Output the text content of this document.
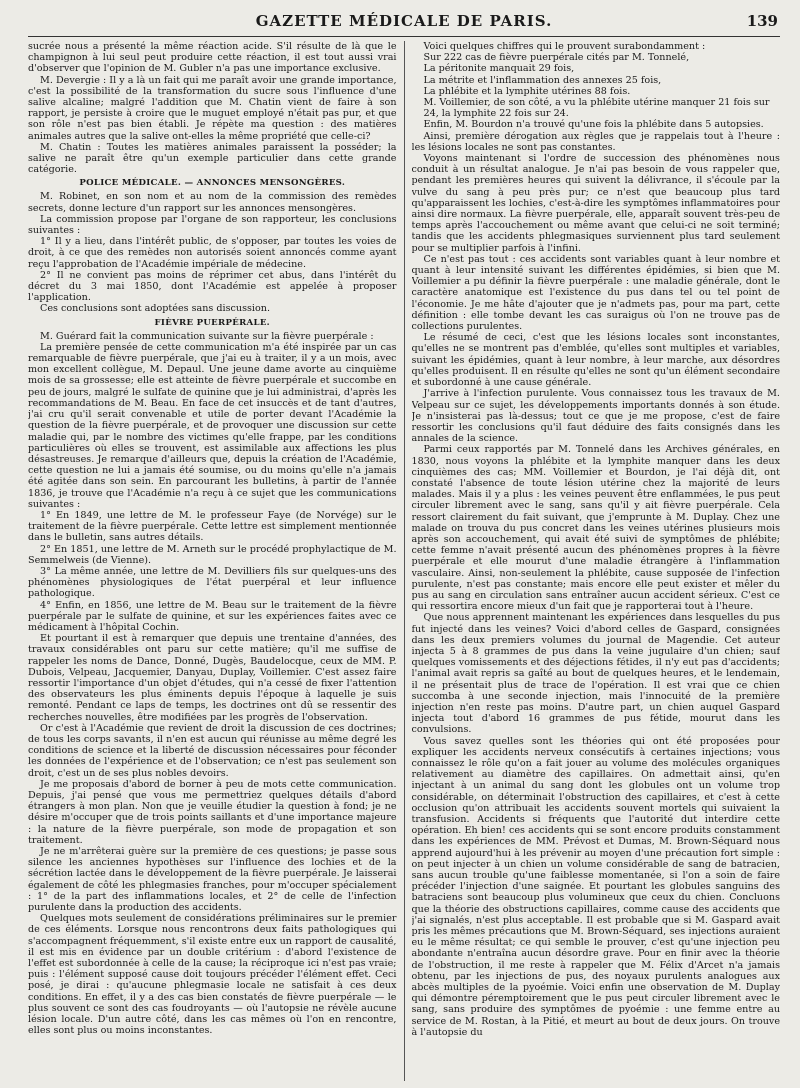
GAZETTE MÉDICALE DE PARIS.	139

sucrée nous a présenté la même réaction acide. S'il résulte de là que le champignon à lui seul peut produire cette réaction, il est tout aussi vrai d'observer que l'opinion de M. Gubler n'a pas une importance exclusive.

M. Devergie : Il y a là un fait qui me paraît avoir une grande importance, c'est la possibilité de la transformation du sucre sous l'influence d'une salive alcaline; malgré l'addition que M. Chatin vient de faire à son rapport, je persiste à croire que le muguet employé n'était pas pur, et que son rôle n'est pas bien établi. Je répète ma question : des matières animales autres que la salive ont-elles la même propriété que celle-ci?

M. Chatin : Toutes les matières animales paraissent la posséder; la salive ne paraît être qu'un exemple particulier dans cette grande catégorie.

POLICE MÉDICALE. — ANNONCES MENSONGÈRES.

M. Robinet, en son nom et au nom de la commission des remèdes secrets, donne lecture d'un rapport sur les annonces mensongères.

La commission propose par l'organe de son rapporteur, les conclusions suivantes :

1° Il y a lieu, dans l'intérêt public, de s'opposer, par toutes les voies de droit, à ce que des remèdes non autorisés soient annoncés comme ayant reçu l'approbation de l'Académie impériale de médecine.

2° Il ne convient pas moins de réprimer cet abus, dans l'intérêt du décret du 3 mai 1850, dont l'Académie est appelée à proposer l'application.

Ces conclusions sont adoptées sans discussion.

FIÈVRE PUERPÉRALE.

M. Guérard fait la communication suivante sur la fièvre puerpérale :

La première pensée de cette communication m'a été inspirée par un cas remarquable de fièvre puerpérale, que j'ai eu à traiter, il y a un mois, avec mon excellent collègue, M. Depaul. Une jeune dame avorte au cinquième mois de sa grossesse; elle est atteinte de fièvre puerpérale et succombe en peu de jours, malgré le sulfate de quinine que je lui administrai, d'après les recommandations de M. Beau. En face de cet insuccès et de tant d'autres, j'ai cru qu'il serait convenable et utile de porter devant l'Académie la question de la fièvre puerpérale, et de provoquer une discussion sur cette maladie qui, par le nombre des victimes qu'elle frappe, par les conditions particulières où elles se trouvent, est assimilable aux affections les plus désastreuses. Je remarque d'ailleurs que, depuis la création de l'Académie, cette question ne lui a jamais été soumise, ou du moins qu'elle n'a jamais été agitée dans son sein. En parcourant les bulletins, à partir de l'année 1836, je trouve que l'Académie n'a reçu à ce sujet que les communications suivantes :

1° En 1849, une lettre de M. le professeur Faye (de Norvége) sur le traitement de la fièvre puerpérale. Cette lettre est simplement mentionnée dans le bulletin, sans autres détails.

2° En 1851, une lettre de M. Arneth sur le procédé prophylactique de M. Semmelweis (de Vienne).

3° La même année, une lettre de M. Devilliers fils sur quelques-uns des phénomènes physiologiques de l'état puerpéral et leur influence pathologique.

4° Enfin, en 1856, une lettre de M. Beau sur le traitement de la fièvre puerpérale par le sulfate de quinine, et sur les expériences faites avec ce médicament à l'hôpital Cochin.

Et pourtant il est à remarquer que depuis une trentaine d'années, des travaux considérables ont paru sur cette matière; qu'il me suffise de rappeler les noms de Dance, Donné, Dugès, Baudelocque, ceux de MM. P. Dubois, Velpeau, Jacquemier, Danyau, Duplay, Voillemier. C'est assez faire ressortir l'importance d'un objet d'études, qui n'a cessé de fixer l'attention des observateurs les plus éminents depuis l'époque à laquelle je suis remonté. Pendant ce laps de temps, les doctrines ont dû se ressentir des recherches nouvelles, être modifiées par les progrès de l'observation.

Or c'est à l'Académie que revient de droit la discussion de ces doctrines; de tous les corps savants, il n'en est aucun qui réunisse au même degré les conditions de science et la liberté de discussion nécessaires pour féconder les données de l'expérience et de l'observation; ce n'est pas seulement son droit, c'est un de ses plus nobles devoirs.

Je me proposais d'abord de borner à peu de mots cette communication. Depuis, j'ai pensé que vous me permettriez quelques détails d'abord étrangers à mon plan. Non que je veuille étudier la question à fond; je ne désire m'occuper que de trois points saillants et d'une importance majeure : la nature de la fièvre puerpérale, son mode de propagation et son traitement.

Je ne m'arrêterai guère sur la première de ces questions; je passe sous silence les anciennes hypothèses sur l'influence des lochies et de la sécrétion lactée dans le développement de la fièvre puerpérale. Je laisserai également de côté les phlegmasies franches, pour m'occuper spécialement : 1° de la part des inflammations locales, et 2° de celle de l'infection purulente dans la production des accidents.

Quelques mots seulement de considérations préliminaires sur le premier de ces éléments. Lorsque nous rencontrons deux faits pathologiques qui s'accompagnent fréquemment, s'il existe entre eux un rapport de causalité, il est mis en évidence par un double critérium : d'abord l'existence de l'effet est subordonnée à celle de la cause; la réciproque ici n'est pas vraie; puis : l'élément supposé cause doit toujours précéder l'élément effet. Ceci posé, je dirai : qu'aucune phlegmasie locale ne satisfait à ces deux conditions. En effet, il y a des cas bien constatés de fièvre puerpérale — le plus souvent ce sont des cas foudroyants — où l'autopsie ne révèle aucune lésion locale. D'un autre côté, dans les cas mêmes où l'on en rencontre, elles sont plus ou moins inconstantes.

Voici quelques chiffres qui le prouvent surabondamment :

Sur 222 cas de fièvre puerpérale cités par M. Tonnelé,
La péritonite manquait 29 fois,
La métrite et l'inflammation des annexes 25 fois,
La phlébite et la lymphite utérines 88 fois.
M. Voillemier, de son côté, a vu la phlébite utérine manquer 21 fois sur 24, la lymphite 22 fois sur 24.

Enfin, M. Bourdon n'a trouvé qu'une fois la phlébite dans 5 autopsies.

Ainsi, première dérogation aux règles que je rappelais tout à l'heure : les lésions locales ne sont pas constantes.

Voyons maintenant si l'ordre de succession des phénomènes nous conduit à un résultat analogue. Je n'ai pas besoin de vous rappeler que, pendant les premières heures qui suivent la délivrance, il s'écoule par la vulve du sang à peu près pur; ce n'est que beaucoup plus tard qu'apparaissent les lochies, c'est-à-dire les symptômes inflammatoires pour ainsi dire normaux. La fièvre puerpérale, elle, apparaît souvent très-peu de temps après l'accouchement ou même avant que celui-ci ne soit terminé; tandis que les accidents phlegmasiques surviennent plus tard seulement pour se multiplier parfois à l'infini.

Ce n'est pas tout : ces accidents sont variables quant à leur nombre et quant à leur intensité suivant les différentes épidémies, si bien que M. Voillemier a pu définir la fièvre puerpérale : une maladie générale, dont le caractère anatomique est l'existence du pus dans tel ou tel point de l'économie. Je me hâte d'ajouter que je n'admets pas, pour ma part, cette définition : elle tombe devant les cas suraigus où l'on ne trouve pas de collections purulentes.

Le résumé de ceci, c'est que les lésions locales sont inconstantes, qu'elles ne se montrent pas d'emblée, qu'elles sont multiples et variables, suivant les épidémies, quant à leur nombre, à leur marche, aux désordres qu'elles produisent. Il en résulte qu'elles ne sont qu'un élément secondaire et subordonné à une cause générale.

J'arrive à l'infection purulente. Vous connaissez tous les travaux de M. Velpeau sur ce sujet, les développements importants donnés à son étude. Je n'insisterai pas là-dessus; tout ce que je me propose, c'est de faire ressortir les conclusions qu'il faut déduire des faits consignés dans les annales de la science.

Parmi ceux rapportés par M. Tonnelé dans les Archives générales, en 1830, nous voyons la phlébite et la lymphite manquer dans les deux cinquièmes des cas; MM. Voillemier et Bourdon, je l'ai déjà dit, ont constaté l'absence de toute lésion utérine chez la majorité de leurs malades. Mais il y a plus : les veines peuvent être enflammées, le pus peut circuler librement avec le sang, sans qu'il y ait fièvre puerpérale. Cela ressort clairement du fait suivant, que j'emprunte à M. Duplay. Chez une malade on trouva du pus concret dans les veines utérines plusieurs mois après son accouchement, qui avait été suivi de symptômes de phlébite; cette femme n'avait présenté aucun des phénomènes propres à la fièvre puerpérale et elle mourut d'une maladie étrangère à l'inflammation vasculaire. Ainsi, non-seulement la phlébite, cause supposée de l'infection purulente, n'est pas constante; mais encore elle peut exister et mêler du pus au sang en circulation sans entraîner aucun accident sérieux. C'est ce qui ressortira encore mieux d'un fait que je rapporterai tout à l'heure.

Que nous apprennent maintenant les expériences dans lesquelles du pus fut injecté dans les veines? Voici d'abord celles de Gaspard, consignées dans les deux premiers volumes du journal de Magendie. Cet auteur injecta 5 à 8 grammes de pus dans la veine jugulaire d'un chien; sauf quelques vomissements et des déjections fétides, il n'y eut pas d'accidents; l'animal avait repris sa gaîté au bout de quelques heures, et le lendemain, il ne présentait plus de trace de l'opération. Il est vrai que ce chien succomba à une seconde injection, mais l'innocuité de la première injection n'en reste pas moins. D'autre part, un chien auquel Gaspard injecta tout d'abord 16 grammes de pus fétide, mourut dans les convulsions.

Vous savez quelles sont les théories qui ont été proposées pour expliquer les accidents nerveux consécutifs à certaines injections; vous connaissez le rôle qu'on a fait jouer au volume des molécules organiques relativement au diamètre des capillaires. On admettait ainsi, qu'en injectant à un animal du sang dont les globules ont un volume trop considérable, on déterminait l'obstruction des capillaires, et c'est à cette occlusion qu'on attribuait les accidents souvent mortels qui suivaient la transfusion. Accidents si fréquents que l'autorité dut interdire cette opération. Eh bien! ces accidents qui se sont encore produits constamment dans les expériences de MM. Prévost et Dumas, M. Brown-Séquard nous apprend aujourd'hui à les prévenir au moyen d'une précaution fort simple : on peut injecter à un chien un volume considérable de sang de batracien, sans aucun trouble qu'une faiblesse momentanée, si l'on a soin de faire précéder l'injection d'une saignée. Et pourtant les globules sanguins des batraciens sont beaucoup plus volumineux que ceux du chien. Concluons que la théorie des obstructions capillaires, comme cause des accidents que j'ai signalés, n'est plus acceptable. Il est probable que si M. Gaspard avait pris les mêmes précautions que M. Brown-Séquard, ses injections auraient eu le même résultat; ce qui semble le prouver, c'est qu'une injection peu abondante n'entraîna aucun désordre grave. Pour en finir avec la théorie de l'obstruction, il me reste à rappeler que M. Félix d'Arcet n'a jamais obtenu, par les injections de pus, des noyaux purulents analogues aux abcès multiples de la pyoémie. Voici enfin une observation de M. Duplay qui démontre péremptoirement que le pus peut circuler librement avec le sang, sans produire des symptômes de pyoémie : une femme entre au service de M. Rostan, à la Pitié, et meurt au bout de deux jours. On trouve à l'autopsie du
